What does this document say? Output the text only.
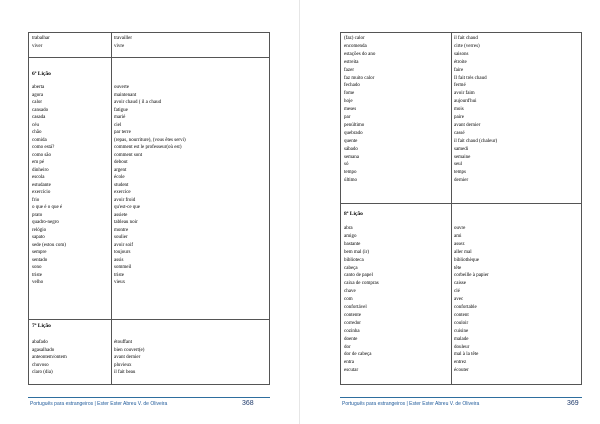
trabalhar	travailler
viver	vivre
6ª Lição
aberta	ouverte
agora	maintenant
calor	avoir chaud ( il a chaud
cansado	fatigue
casada	marié
céu	ciel
chão	par terre
comida	(repas, nourriture), (vous êtes servi)
como está?	comment est le professeur(où est)
como são	comment sont
em pé	debout
dinheiro	argent
escola	école
estudante	student
exercício	exercice
frio	avoir froid
o que é o que é	qu'est-ce que
prato	assiete
quadro-negro	tableau noir
relógio	montre
sapato	soulier
sede (estou com)	avoir soif
sempre	toujours
sentado	assis
sono	sommeil
triste	triste
velho	vieux
7ª Lição
abafado	étouffant
agasalhado	bien couvert(e)
anteontem/ontem	avant dernier
chuvoso	pluvieux
claro (dia)	il fait beau
Português para estrangeiros | Ester Ester Abreu V. de Oliveira	368
(faz) calor	il fait chaud
encomenda	cirte (verres)
estações do ano	saisons
estreita	étroite
fazer	faire
faz muito calor	Il fait très chaud
fechado	fermé
fome	avoir faim
hoje	aujourd'hui
meses	mois
par	paire
penúltimo	avant dernier
quebrado	cassé
quente	il fait chaud (chaleur)
sábado	samedi
semana	semaine
só	seul
tempo	temps
último	dernier
8ª Lição
abra	ouvre
amigo	ami
bastante	assez
bem mal (ir)	aller mal
biblioteca	bibliothèque
cabeça	tête
canto de papel	corbeille à papier
caixa de compras	caisse
chave	clé
com	avec
confortável	confortable
contente	content
corredor	couloir
cozinha	cuisine
doente	malade
dor	douleur
dor de cabeça	mal à la tête
entra	entrez
escutar	écouter
Português para estrangeiros | Ester Ester Abreu V. de Oliveira	369
